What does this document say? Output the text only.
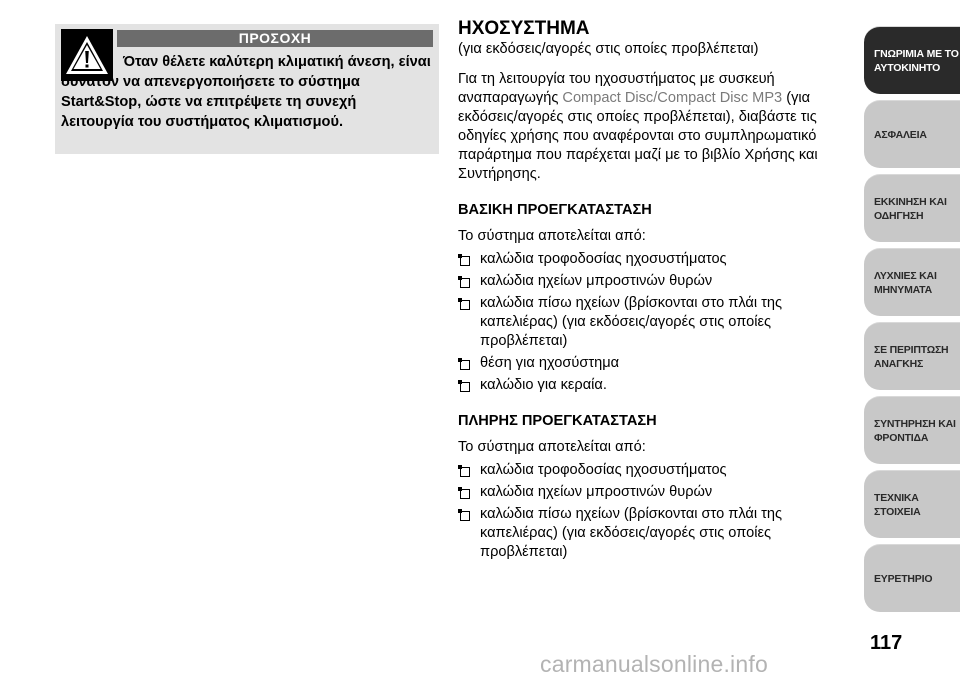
ΠΡΟΣΟΧΗ

Όταν θέλετε καλύτερη κλιματική άνεση, είναι δυνατόν να απενεργοποιήσετε το σύστημα Start&Stop, ώστε να επιτρέψετε τη συνεχή λειτουργία του συστήματος κλιματισμού.

ΗΧΟΣΥΣΤΗΜΑ

(για εκδόσεις/αγορές στις οποίες προβλέπεται)

Για τη λειτουργία του ηχοσυστήματος με συσκευή αναπαραγωγής Compact Disc/Compact Disc MP3 (για εκδόσεις/αγορές στις οποίες προβλέπεται), διαβάστε τις οδηγίες χρήσης που αναφέρονται στο συμπληρωματικό παράρτημα που παρέχεται μαζί με το βιβλίο Χρήσης και Συντήρησης.

ΒΑΣΙΚΗ ΠΡΟΕΓΚΑΤΑΣΤΑΣΗ

Το σύστημα αποτελείται από:

καλώδια τροφοδοσίας ηχοσυστήματος
καλώδια ηχείων μπροστινών θυρών
καλώδια πίσω ηχείων (βρίσκονται στο πλάι της καπελιέρας) (για εκδόσεις/αγορές στις οποίες προβλέπεται)
θέση για ηχοσύστημα
καλώδιο για κεραία.
ΠΛΗΡΗΣ ΠΡΟΕΓΚΑΤΑΣΤΑΣΗ

Το σύστημα αποτελείται από:

καλώδια τροφοδοσίας ηχοσυστήματος
καλώδια ηχείων μπροστινών θυρών
καλώδια πίσω ηχείων (βρίσκονται στο πλάι της καπελιέρας) (για εκδόσεις/αγορές στις οποίες προβλέπεται)
ΓΝΩΡΙΜΙΑ ΜΕ ΤΟ ΑΥΤΟΚΙΝΗΤΟ
ΑΣΦΑΛΕΙΑ
ΕΚΚΙΝΗΣΗ ΚΑΙ ΟΔΗΓΗΣΗ
ΛΥΧΝΙΕΣ ΚΑΙ ΜΗΝΥΜΑΤΑ
ΣΕ ΠΕΡΙΠΤΩΣΗ ΑΝΑΓΚΗΣ
ΣΥΝΤΗΡΗΣΗ ΚΑΙ ΦΡΟΝΤΙΔΑ
ΤΕΧΝΙΚΑ ΣΤΟΙΧΕΙΑ
ΕΥΡΕΤΗΡΙΟ
117
carmanualsonline.info
